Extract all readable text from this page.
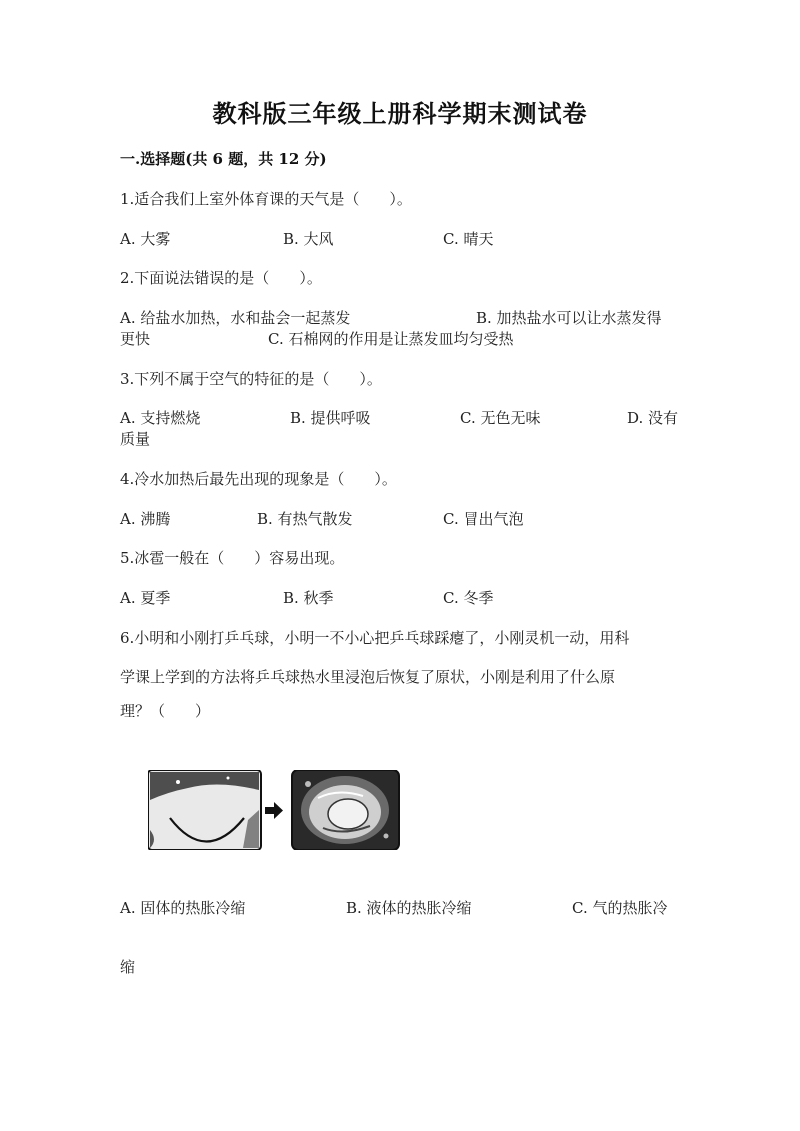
教科版三年级上册科学期末测试卷
一.选择题(共 6 题，共 12 分)
1.适合我们上室外体育课的天气是（　　）。
A. 大雾	B. 大风	C. 晴天
2.下面说法错误的是（　　）。
A. 给盐水加热，水和盐会一起蒸发	B. 加热盐水可以让水蒸发得
更快	C. 石棉网的作用是让蒸发皿均匀受热
3.下列不属于空气的特征的是（　　）。
A. 支持燃烧	B. 提供呼吸	C. 无色无味	D. 没有
质量
4.冷水加热后最先出现的现象是（　　）。
A. 沸腾	B. 有热气散发	C. 冒出气泡
5.冰雹一般在（　　）容易出现。
A. 夏季	B. 秋季	C. 冬季
6.小明和小刚打乒乓球，小明一不小心把乒乓球踩瘪了，小刚灵机一动，用科
学课上学到的方法将乒乓球热水里浸泡后恢复了原状，小刚是利用了什么原
理？（　　）
A. 固体的热胀冷缩	B. 液体的热胀冷缩	C. 气的热胀冷
缩
